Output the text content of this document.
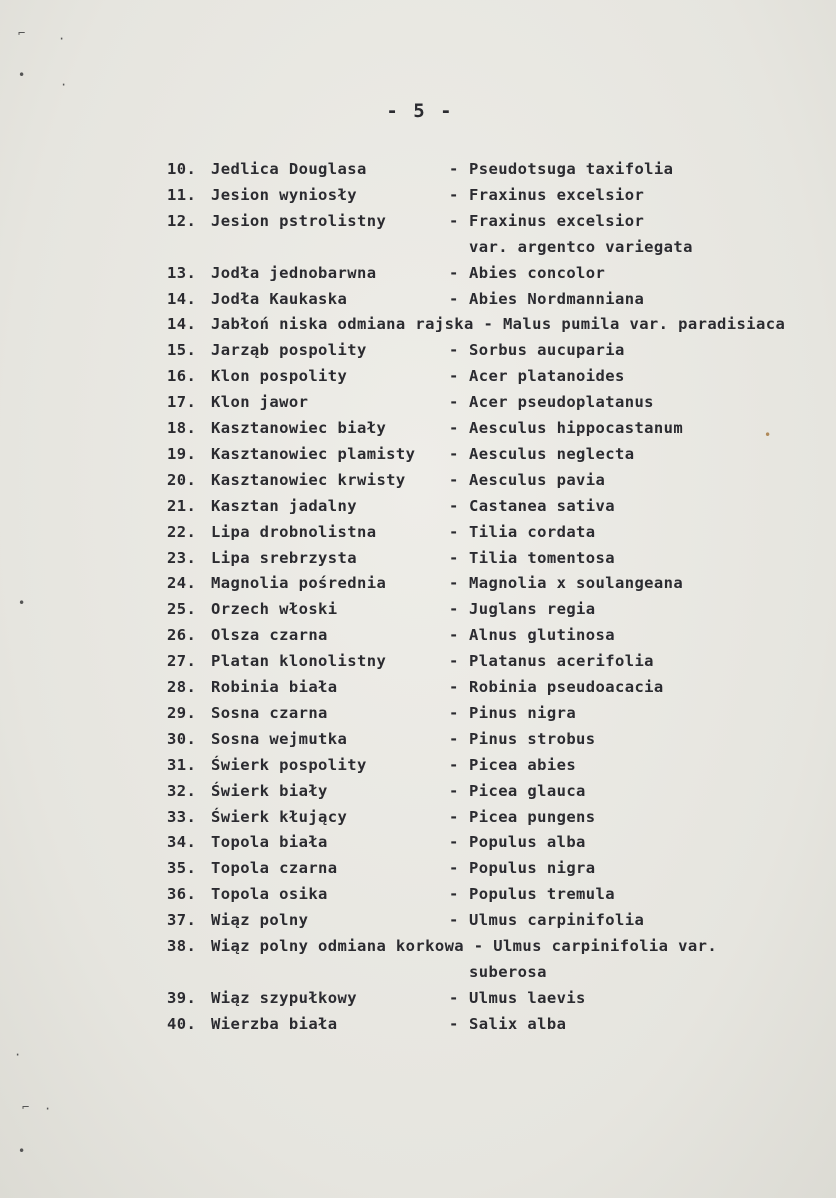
- 5 -
⌐	·
•
·
•
·
⌐ ·
•
•
10. Jedlica Douglasa	- Pseudotsuga taxifolia
11. Jesion wyniosły	- Fraxinus excelsior
12. Jesion pstrolistny	- Fraxinus excelsior
var. argentco variegata
13. Jodła jednobarwna	- Abies concolor
14. Jodła Kaukaska	- Abies Nordmanniana
14. Jabłoń niska odmiana rajska - Malus pumila var. paradisiaca
15. Jarząb pospolity	- Sorbus aucuparia
16. Klon pospolity	- Acer platanoides
17. Klon jawor	- Acer pseudoplatanus
18. Kasztanowiec biały	- Aesculus hippocastanum
19. Kasztanowiec plamisty - Aesculus neglecta
20. Kasztanowiec krwisty	- Aesculus pavia
21. Kasztan jadalny	- Castanea sativa
22. Lipa drobnolistna	- Tilia cordata
23. Lipa srebrzysta	- Tilia tomentosa
24. Magnolia pośrednia	- Magnolia x soulangeana
25. Orzech włoski	- Juglans regia
26. Olsza czarna	- Alnus glutinosa
27. Platan klonolistny	- Platanus acerifolia
28. Robinia biała	- Robinia pseudoacacia
29. Sosna czarna	- Pinus nigra
30. Sosna wejmutka	- Pinus strobus
31. Świerk pospolity	- Picea abies
32. Świerk biały	- Picea glauca
33. Świerk kłujący	- Picea pungens
34. Topola biała	- Populus alba
35. Topola czarna	- Populus nigra
36. Topola osika	- Populus tremula
37. Wiąz polny	- Ulmus carpinifolia
38. Wiąz polny odmiana korkowa - Ulmus carpinifolia var.
suberosa
39. Wiąz szypułkowy	- Ulmus laevis
40. Wierzba biała	- Salix alba
